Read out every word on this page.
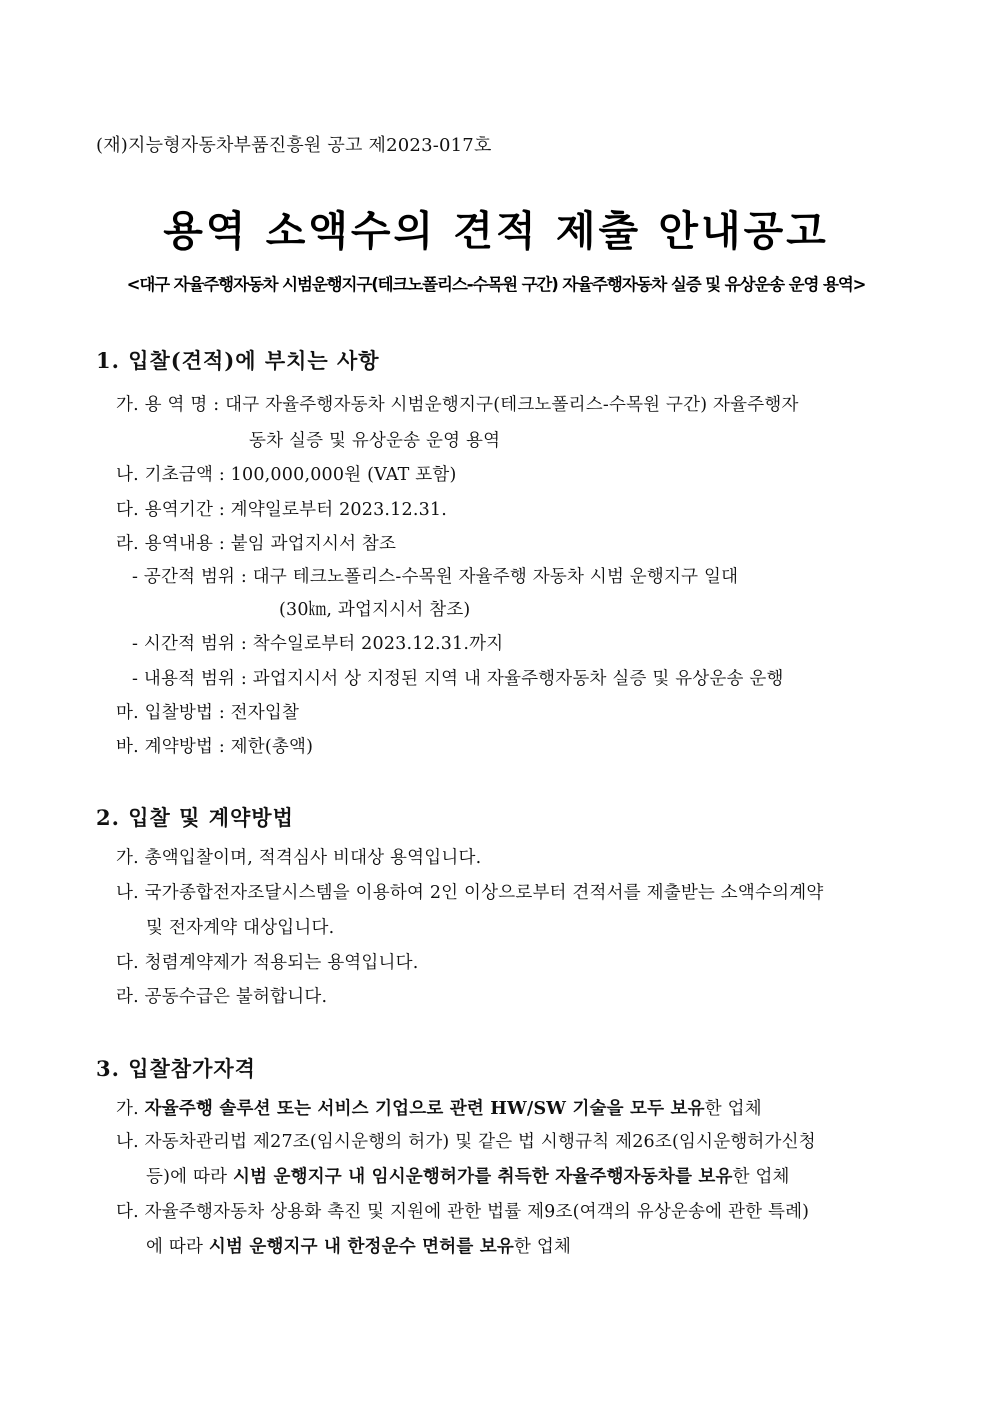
(재)지능형자동차부품진흥원 공고 제2023-017호
용역 소액수의 견적 제출 안내공고
<대구 자율주행자동차 시범운행지구(테크노폴리스-수목원 구간) 자율주행자동차 실증 및 유상운송 운영 용역>
1. 입찰(견적)에 부치는 사항
가. 용 역 명 : 대구 자율주행자동차 시범운행지구(테크노폴리스-수목원 구간) 자율주행자
동차 실증 및 유상운송 운영 용역
나. 기초금액 : 100,000,000원 (VAT 포함)
다. 용역기간 : 계약일로부터 2023.12.31.
라. 용역내용 : 붙임 과업지시서 참조
- 공간적 범위 : 대구 테크노폴리스-수목원 자율주행 자동차 시범 운행지구 일대
(30㎞, 과업지시서 참조)
- 시간적 범위 : 착수일로부터 2023.12.31.까지
- 내용적 범위 : 과업지시서 상 지정된 지역 내 자율주행자동차 실증 및 유상운송 운행
마. 입찰방법 : 전자입찰
바. 계약방법 : 제한(총액)
2. 입찰 및 계약방법
가. 총액입찰이며, 적격심사 비대상 용역입니다.
나. 국가종합전자조달시스템을 이용하여 2인 이상으로부터 견적서를 제출받는 소액수의계약
및 전자계약 대상입니다.
다. 청렴계약제가 적용되는 용역입니다.
라. 공동수급은 불허합니다.
3. 입찰참가자격
가. 자율주행 솔루션 또는 서비스 기업으로 관련 HW/SW 기술을 모두 보유한 업체
나. 자동차관리법 제27조(임시운행의 허가) 및 같은 법 시행규칙 제26조(임시운행허가신청
등)에 따라 시범 운행지구 내 임시운행허가를 취득한 자율주행자동차를 보유한 업체
다. 자율주행자동차 상용화 촉진 및 지원에 관한 법률 제9조(여객의 유상운송에 관한 특례)
에 따라 시범 운행지구 내 한정운수 면허를 보유한 업체
